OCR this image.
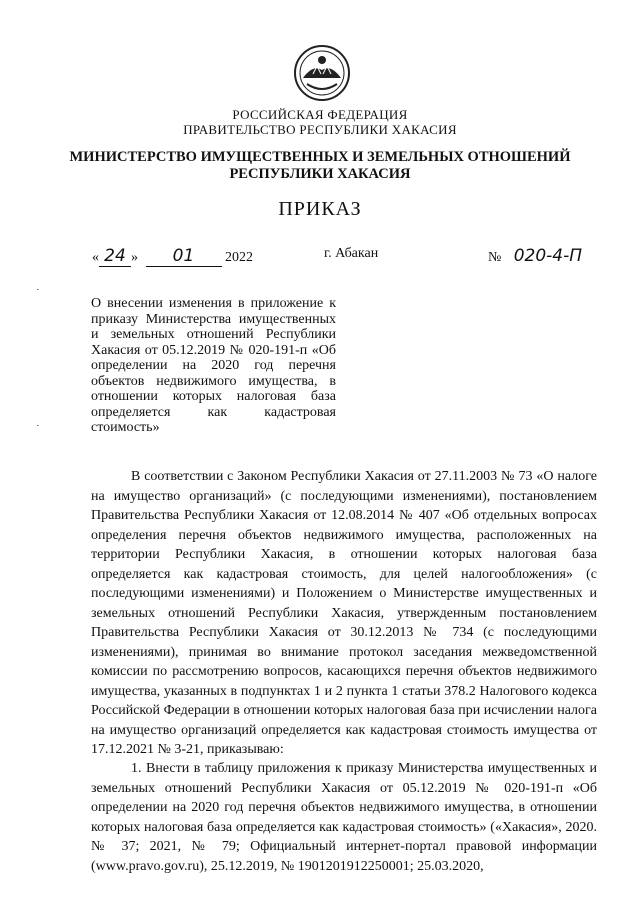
РОССИЙСКАЯ ФЕДЕРАЦИЯ
ПРАВИТЕЛЬСТВО РЕСПУБЛИКИ ХАКАСИЯ
МИНИСТЕРСТВО ИМУЩЕСТВЕННЫХ И ЗЕМЕЛЬНЫХ ОТНОШЕНИЙ
РЕСПУБЛИКИ ХАКАСИЯ
ПРИКАЗ
« 24 » 01 2022	г. Абакан	№ 020-4-П
·
·
О внесении изменения в приложение к приказу Министерства имущественных и земельных отношений Республики Хакасия от 05.12.2019 № 020-191-п «Об определении на 2020 год перечня объектов недвижимого имущества, в отношении которых налоговая база определяется как кадастровая стоимость»
В соответствии с Законом Республики Хакасия от 27.11.2003 № 73 «О налоге на имущество организаций» (с последующими изменениями), постановлением Правительства Республики Хакасия от 12.08.2014 № 407 «Об отдельных вопросах определения перечня объектов недвижимого имущества, расположенных на территории Республики Хакасия, в отношении которых налоговая база определяется как кадастровая стоимость, для целей налогообложения» (с последующими изменениями) и Положением о Министерстве имущественных и земельных отношений Республики Хакасия, утвержденным постановлением Правительства Республики Хакасия от 30.12.2013 № 734 (с последующими изменениями), принимая во внимание протокол заседания межведомственной комиссии по рассмотрению вопросов, касающихся перечня объектов недвижимого имущества, указанных в подпунктах 1 и 2 пункта 1 статьи 378.2 Налогового кодекса Российской Федерации в отношении которых налоговая база при исчислении налога на имущество организаций определяется как кадастровая стоимость имущества от 17.12.2021 № 3-21, приказываю:
1. Внести в таблицу приложения к приказу Министерства имущественных и земельных отношений Республики Хакасия от 05.12.2019 № 020-191-п «Об определении на 2020 год перечня объектов недвижимого имущества, в отношении которых налоговая база определяется как кадастровая стоимость» («Хакасия», 2020. № 37; 2021, № 79; Официальный интернет-портал правовой информации (www.pravo.gov.ru), 25.12.2019, № 1901201912250001; 25.03.2020,
